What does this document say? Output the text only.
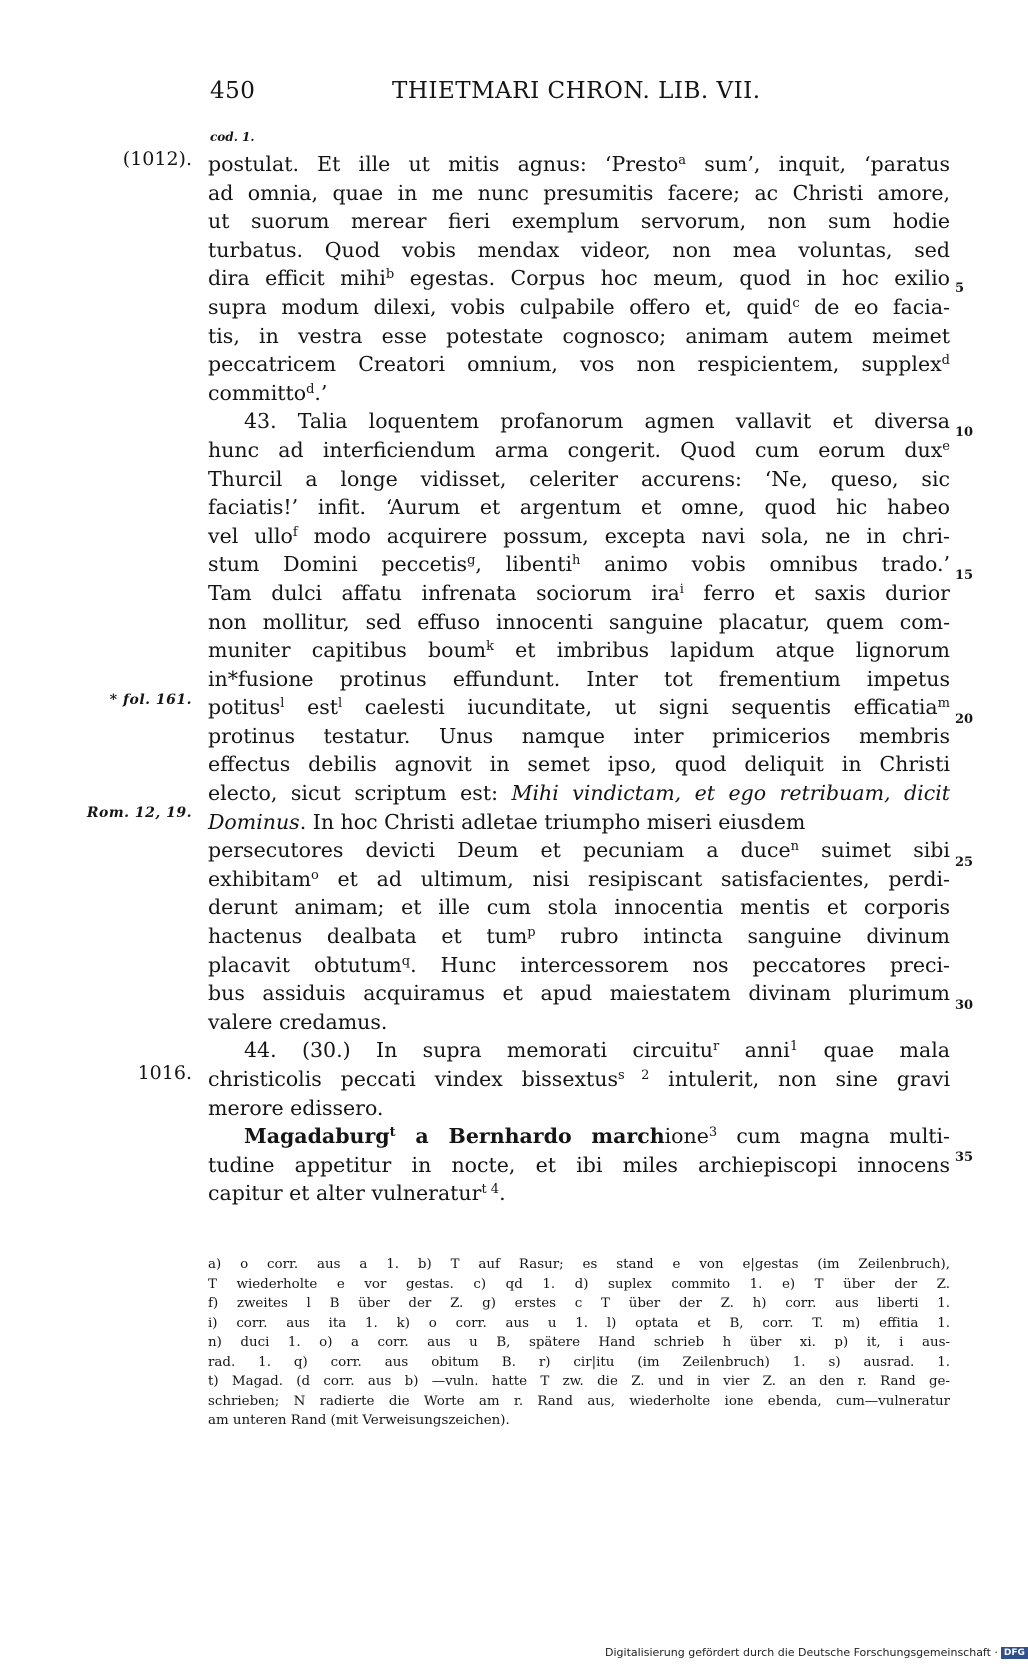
450	THIETMARI CHRON. LIB. VII.
cod. 1.
(1012).
* fol. 161.
Rom. 12, 19.
1016.
5
10
15
20
25
30
35
postulat. Et ille ut mitis agnus: ‘Presto$^a$ sum’, inquit, ‘paratus
ad omnia, quae in me nunc presumitis facere; ac Christi amore,
ut suorum merear fieri exemplum servorum, non sum hodie
turbatus. Quod vobis mendax videor, non mea voluntas, sed
dira efficit mihi$^b$ egestas. Corpus hoc meum, quod in hoc exilio
supra modum dilexi, vobis culpabile offero et, quid$^c$ de eo facia-
tis, in vestra esse potestate cognosco; animam autem meimet
peccatricem Creatori omnium, vos non respicientem, supplex$^d$
committo$^d$.’
43. Talia loquentem profanorum agmen vallavit et diversa
hunc ad interficiendum arma congerit. Quod cum eorum dux$^e$
Thurcil a longe vidisset, celeriter accurens: ‘Ne, queso, sic
faciatis!’ infit. ‘Aurum et argentum et omne, quod hic habeo
vel ullo$^f$ modo acquirere possum, excepta navi sola, ne in chri-
stum Domini peccetis$^g$, libenti$^h$ animo vobis omnibus trado.’
Tam dulci affatu infrenata sociorum ira$^i$ ferro et saxis durior
non mollitur, sed effuso innocenti sanguine placatur, quem com-
muniter capitibus boum$^k$ et imbribus lapidum atque lignorum
in*fusione protinus effundunt. Inter tot frementium impetus
potitus$^l$ est$^l$ caelesti iucunditate, ut signi sequentis efficatia$^m$
protinus testatur. Unus namque inter primicerios membris
effectus debilis agnovit in semet ipso, quod deliquit in Christi
electo, sicut scriptum est: Mihi vindictam, et ego retribuam, dicit
Dominus. In hoc Christi adletae triumpho miseri eiusdem
persecutores devicti Deum et pecuniam a duce$^n$ suimet sibi
exhibitam$^o$ et ad ultimum, nisi resipiscant satisfacientes, perdi-
derunt animam; et ille cum stola innocentia mentis et corporis
hactenus dealbata et tum$^p$ rubro intincta sanguine divinum
placavit obtutum$^q$. Hunc intercessorem nos peccatores preci-
bus assiduis acquiramus et apud maiestatem divinam plurimum
valere credamus.
44. (30.) In supra memorati circuitu$^r$ anni$^1$ quae mala
christicolis peccati vindex bissextus$^{s 2}$ intulerit, non sine gravi
merore edissero.
Magadaburg$^t$ a Bernhardo marchione$^3$ cum magna multi-
tudine appetitur in nocte, et ibi miles archiepiscopi innocens
capitur et alter vulneratur$^{t 4}$.
a) o corr. aus a 1. b) T auf Rasur; es stand e von e|gestas (im Zeilenbruch),
T wiederholte e vor gestas. c) qd 1. d) suplex commito 1. e) T über der Z.
f) zweites l B über der Z. g) erstes c T über der Z. h) corr. aus liberti 1.
i) corr. aus ita 1. k) o corr. aus u 1. l) optata et B, corr. T. m) effitia 1.
n) duci 1. o) a corr. aus u B, spätere Hand schrieb h über xi. p) it, i aus-
rad. 1. q) corr. aus obitum B. r) cir|itu (im Zeilenbruch) 1. s) ausrad. 1.
t) Magad. (d corr. aus b) —vuln. hatte T zw. die Z. und in vier Z. an den r. Rand ge-
schrieben; N radierte die Worte am r. Rand aus, wiederholte ione ebenda, cum—vulneratur
am unteren Rand (mit Verweisungszeichen).
Digitalisierung gefördert durch die Deutsche Forschungsgemeinschaft · DFG
